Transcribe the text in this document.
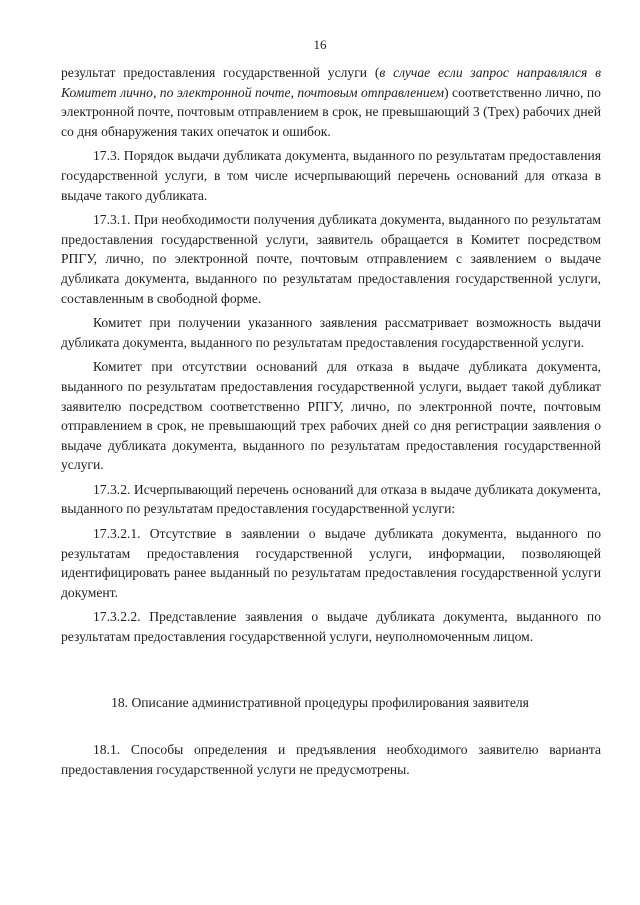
16

результат предоставления государственной услуги (в случае если запрос направлялся в Комитет лично, по электронной почте, почтовым отправлением) соответственно лично, по электронной почте, почтовым отправлением в срок, не превышающий 3 (Трех) рабочих дней со дня обнаружения таких опечаток и ошибок.

17.3. Порядок выдачи дубликата документа, выданного по результатам предоставления государственной услуги, в том числе исчерпывающий перечень оснований для отказа в выдаче такого дубликата.

17.3.1. При необходимости получения дубликата документа, выданного по результатам предоставления государственной услуги, заявитель обращается в Комитет посредством РПГУ, лично, по электронной почте, почтовым отправлением с заявлением о выдаче дубликата документа, выданного по результатам предоставления государственной услуги, составленным в свободной форме.

Комитет при получении указанного заявления рассматривает возможность выдачи дубликата документа, выданного по результатам предоставления государственной услуги.

Комитет при отсутствии оснований для отказа в выдаче дубликата документа, выданного по результатам предоставления государственной услуги, выдает такой дубликат заявителю посредством соответственно РПГУ, лично, по электронной почте, почтовым отправлением в срок, не превышающий трех рабочих дней со дня регистрации заявления о выдаче дубликата документа, выданного по результатам предоставления государственной услуги.

17.3.2. Исчерпывающий перечень оснований для отказа в выдаче дубликата документа, выданного по результатам предоставления государственной услуги:

17.3.2.1. Отсутствие в заявлении о выдаче дубликата документа, выданного по результатам предоставления государственной услуги, информации, позволяющей идентифицировать ранее выданный по результатам предоставления государственной услуги документ.

17.3.2.2. Представление заявления о выдаче дубликата документа, выданного по результатам предоставления государственной услуги, неуполномоченным лицом.

18. Описание административной процедуры профилирования заявителя

18.1. Способы определения и предъявления необходимого заявителю варианта предоставления государственной услуги не предусмотрены.
